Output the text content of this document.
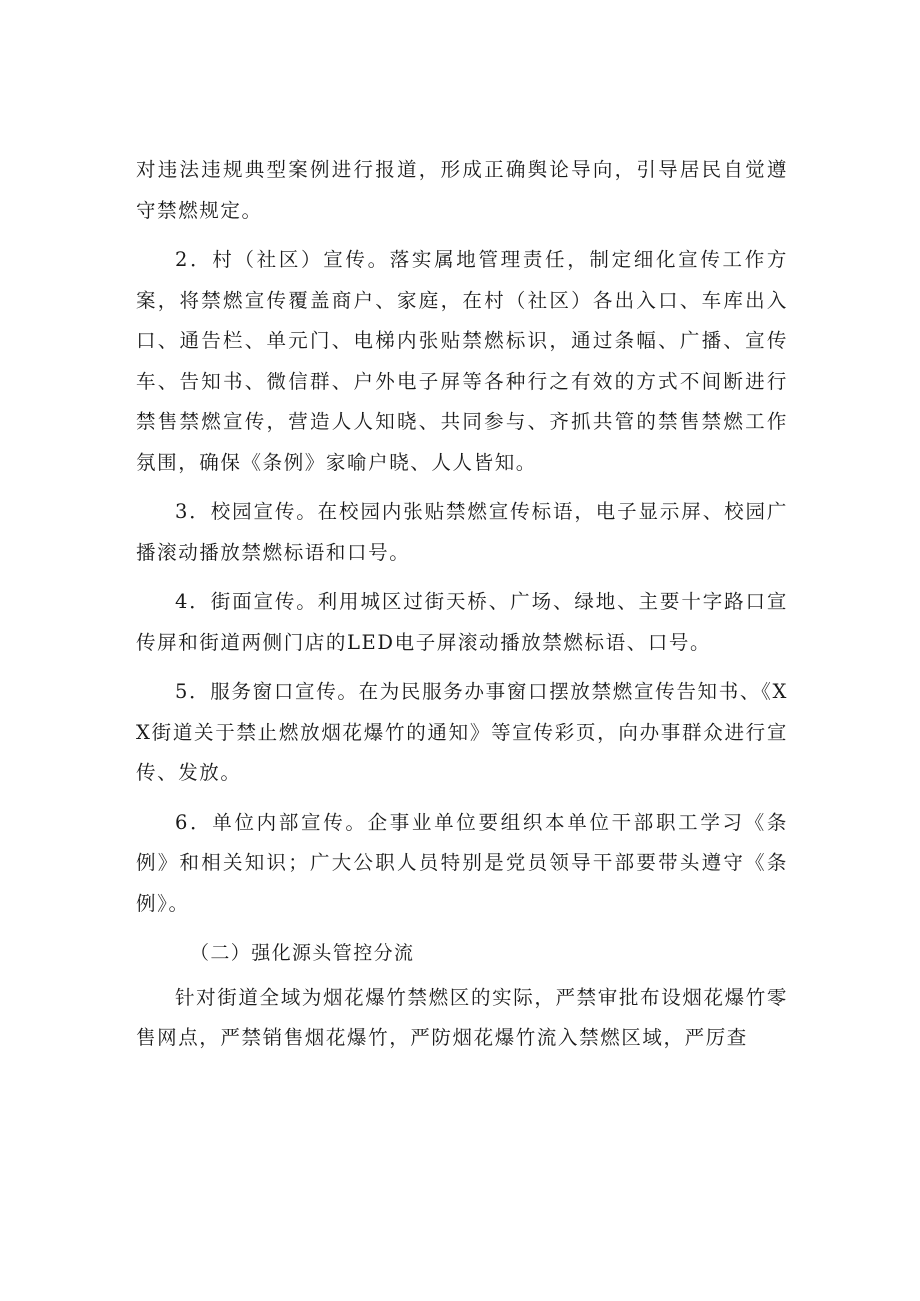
对违法违规典型案例进行报道，形成正确舆论导向，引导居民自觉遵守禁燃规定。

2．村（社区）宣传。落实属地管理责任，制定细化宣传工作方案，将禁燃宣传覆盖商户、家庭，在村（社区）各出入口、车库出入口、通告栏、单元门、电梯内张贴禁燃标识，通过条幅、广播、宣传车、告知书、微信群、户外电子屏等各种行之有效的方式不间断进行禁售禁燃宣传，营造人人知晓、共同参与、齐抓共管的禁售禁燃工作氛围，确保《条例》家喻户晓、人人皆知。

3．校园宣传。在校园内张贴禁燃宣传标语，电子显示屏、校园广播滚动播放禁燃标语和口号。

4．街面宣传。利用城区过街天桥、广场、绿地、主要十字路口宣传屏和街道两侧门店的LED电子屏滚动播放禁燃标语、口号。

5．服务窗口宣传。在为民服务办事窗口摆放禁燃宣传告知书、《XX街道关于禁止燃放烟花爆竹的通知》等宣传彩页，向办事群众进行宣传、发放。

6．单位内部宣传。企事业单位要组织本单位干部职工学习《条例》和相关知识；广大公职人员特别是党员领导干部要带头遵守《条例》。

（二）强化源头管控分流

针对街道全域为烟花爆竹禁燃区的实际，严禁审批布设烟花爆竹零售网点，严禁销售烟花爆竹，严防烟花爆竹流入禁燃区域，严厉查
